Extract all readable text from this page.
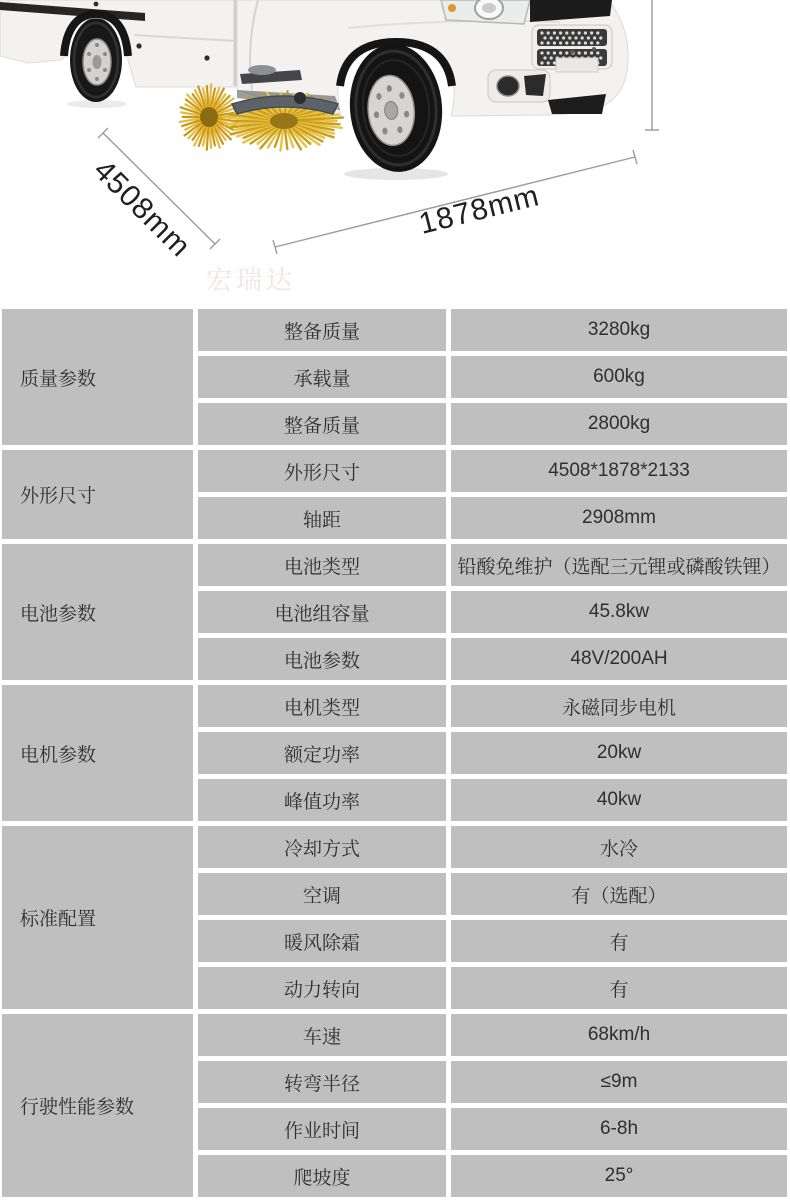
4508mm	1878mm
宏瑞达
质量参数
整备质量	3280kg
承载量	600kg
整备质量	2800kg
外形尺寸
外形尺寸	4508*1878*2133
轴距	2908mm
电池参数
电池类型	铅酸免维护（选配三元锂或磷酸铁锂）
电池组容量	45.8kw
电池参数	48V/200AH
电机参数
电机类型	永磁同步电机
额定功率	20kw
峰值功率	40kw
标准配置
冷却方式	水冷
空调	有（选配）
暖风除霜	有
动力转向	有
行驶性能参数
车速	68km/h
转弯半径	≤9m
作业时间	6-8h
爬坡度	25°
